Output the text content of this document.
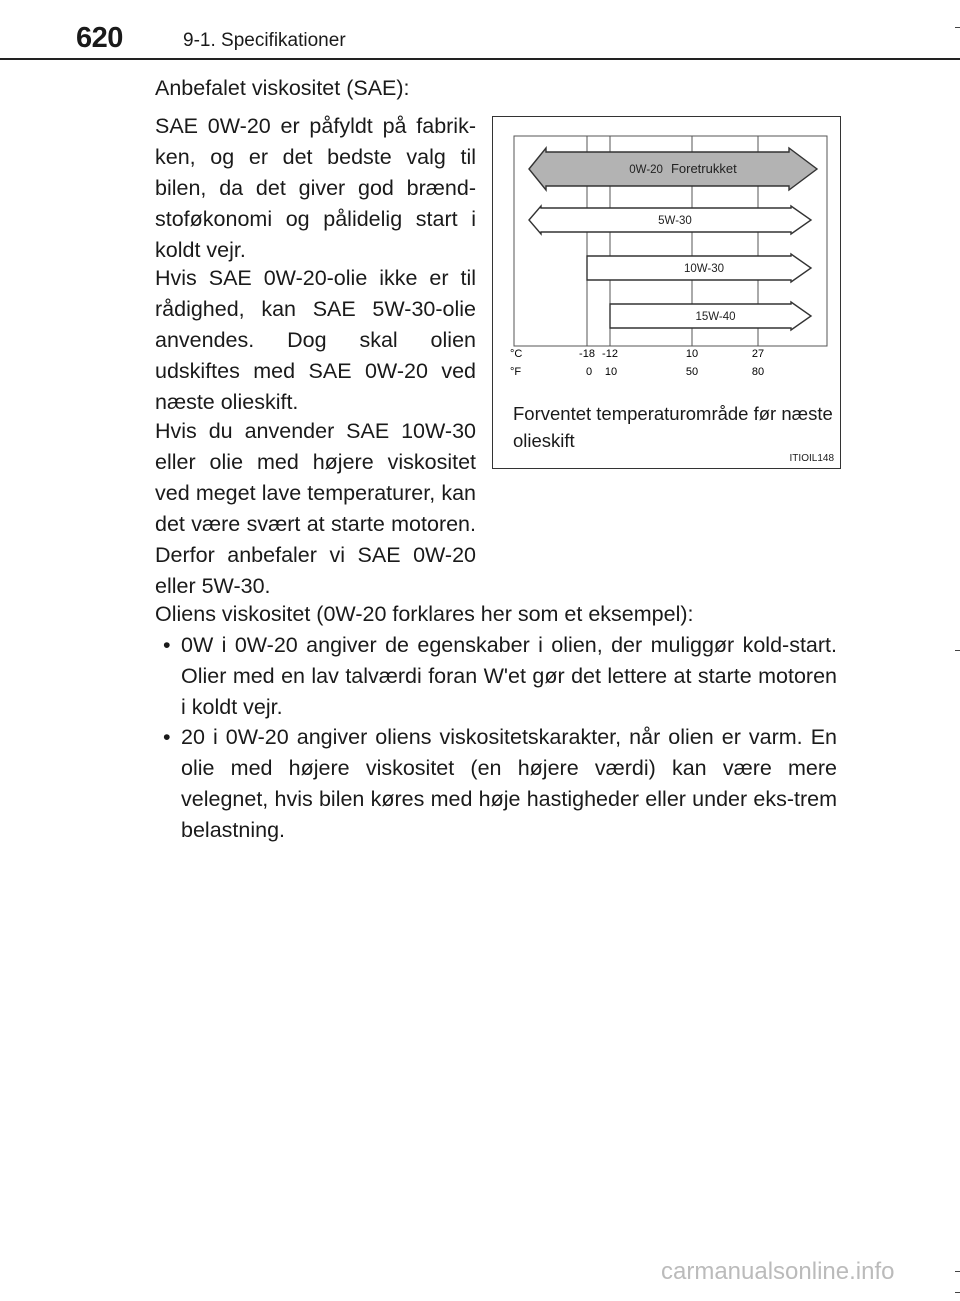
620	9-1. Specifikationer
Anbefalet viskositet (SAE):
SAE 0W-20 er påfyldt på fabrik-ken, og er det bedste valg til bilen, da det giver god brænd-stoføkonomi og pålidelig start i koldt vejr.
Hvis SAE 0W-20-olie ikke er til rådighed, kan SAE 5W-30-olie anvendes. Dog skal olien udskiftes med SAE 0W-20 ved næste olieskift.
Hvis du anvender SAE 10W-30 eller olie med højere viskositet ved meget lave temperaturer, kan det være svært at starte motoren. Derfor anbefaler vi SAE 0W-20 eller 5W-30.
0W-20 Foretrukket
5W-30
10W-30
15W-40
°C
°F
-18 -12	10	27
0 10	50	80
Forventet temperaturområde før næste olieskift
ITIOIL148
Oliens viskositet (0W-20 forklares her som et eksempel):
• 0W i 0W-20 angiver de egenskaber i olien, der muliggør kold-start. Olier med en lav talværdi foran W'et gør det lettere at starte motoren i koldt vejr.
• 20 i 0W-20 angiver oliens viskositetskarakter, når olien er varm. En olie med højere viskositet (en højere værdi) kan være mere velegnet, hvis bilen køres med høje hastigheder eller under eks-trem belastning.
carmanualsonline.info
